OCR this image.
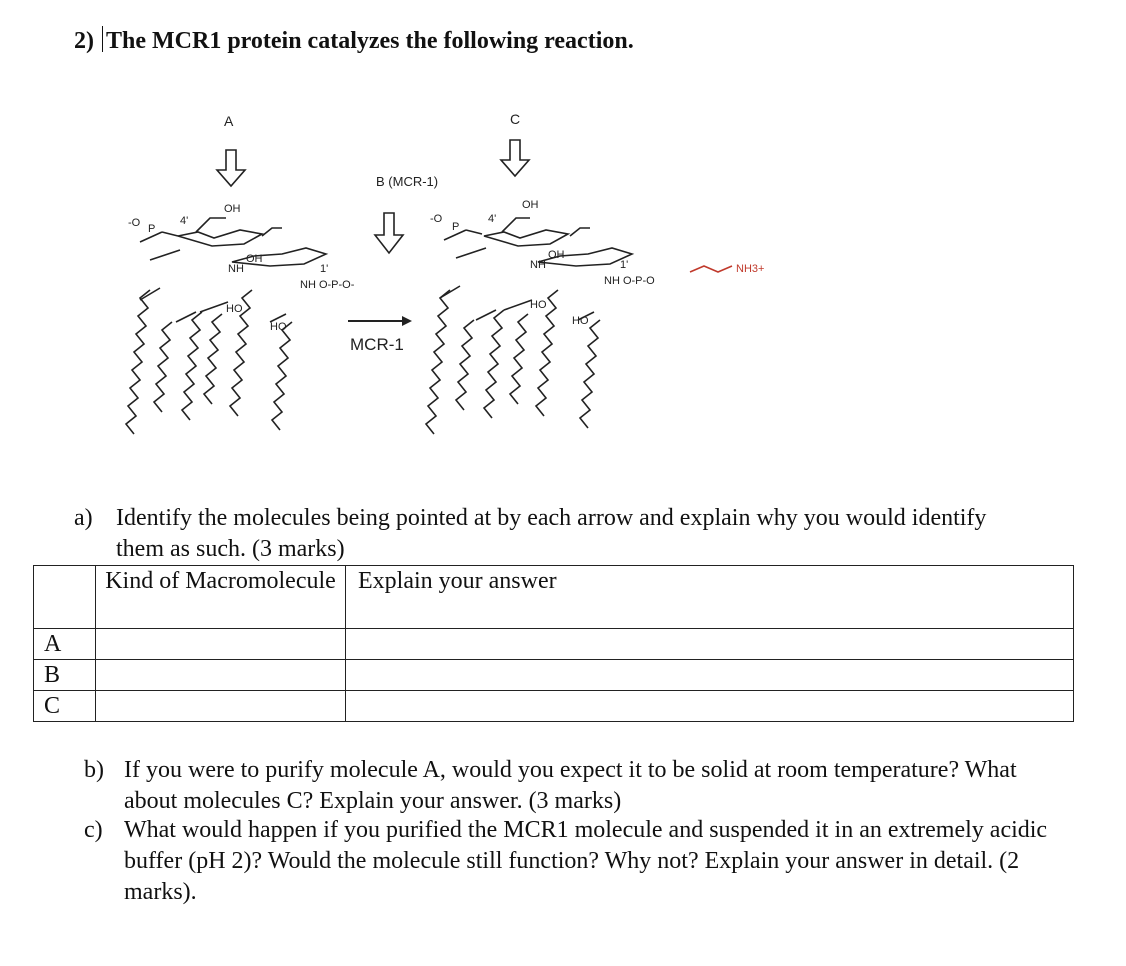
2) The MCR1 protein catalyzes the following reaction.
A
B (MCR-1)
C
MCR-1
OH
-O P
4'
OH
NH	1'
NH O-P-O-
HO
HO
OH
-O
P
4'
OH
NH	1'
NH O-P-O
HO
HO
NH3+
a) Identify the molecules being pointed at by each arrow and explain why you would identify them as such. (3 marks)
	Kind of Macromolecule	Explain your answer
A		
B		
C		
b) If you were to purify molecule A, would you expect it to be solid at room temperature? What about molecules C? Explain your answer. (3 marks)
c) What would happen if you purified the MCR1 molecule and suspended it in an extremely acidic buffer (pH 2)? Would the molecule still function? Why not? Explain your answer in detail. (2 marks).
